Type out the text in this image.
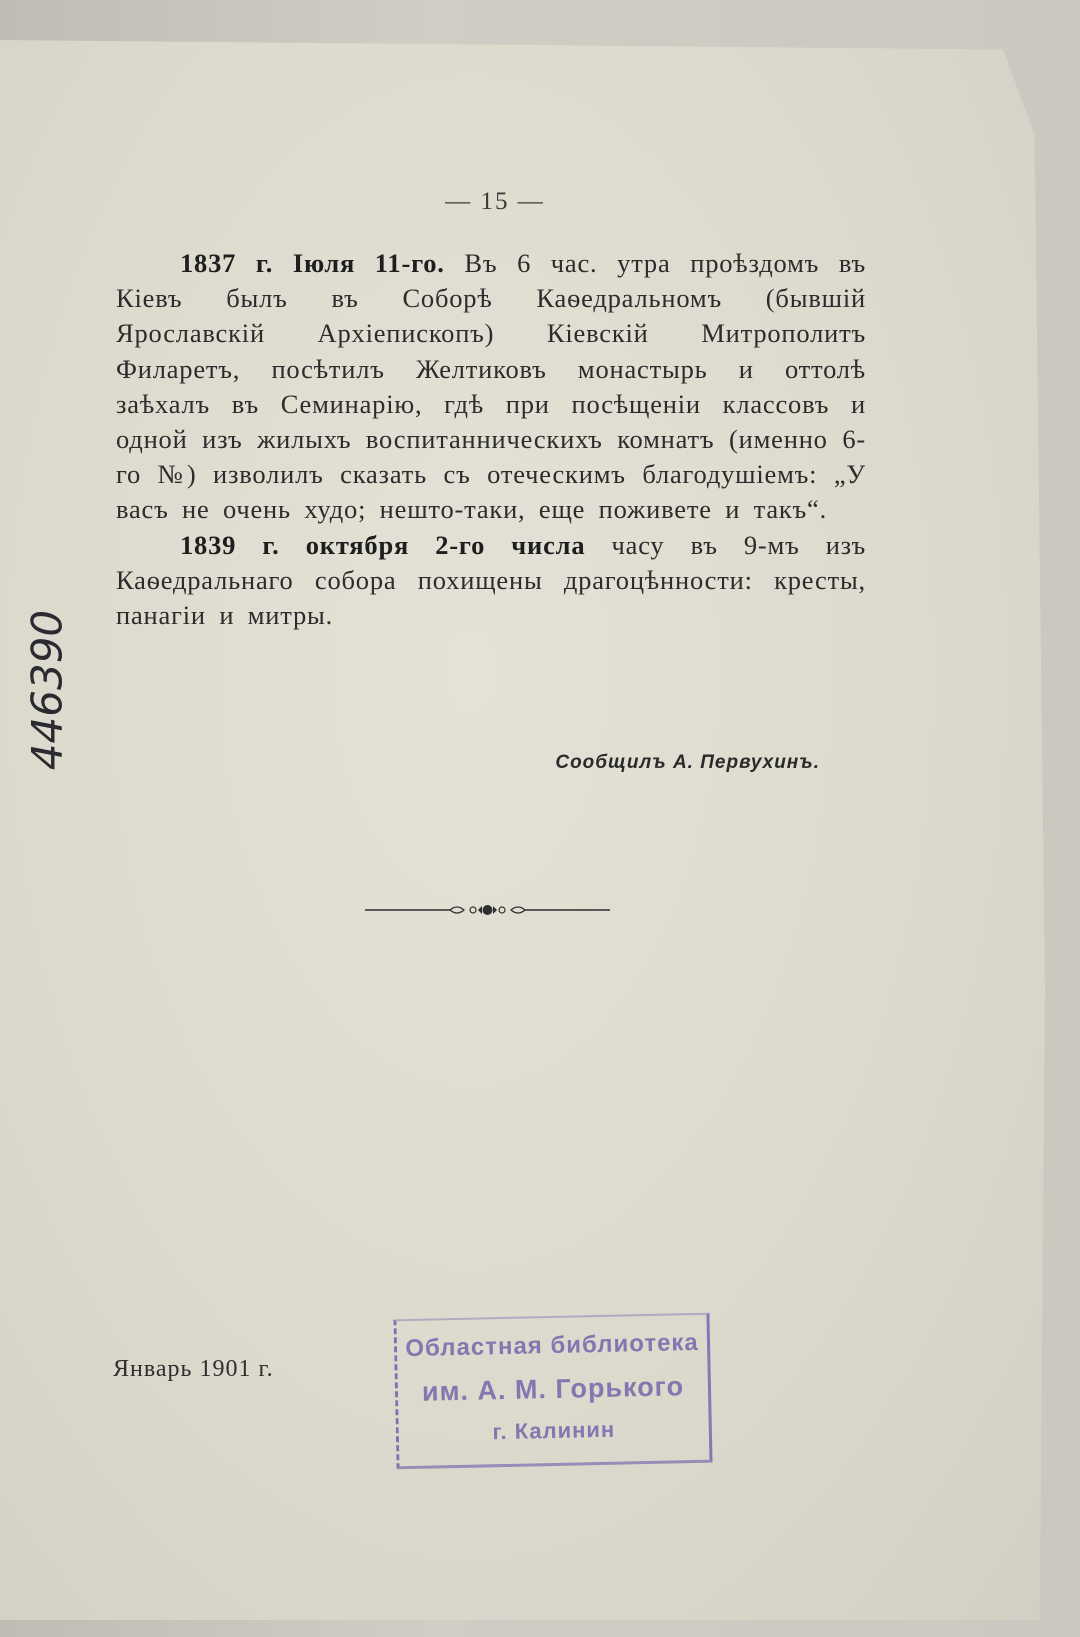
— 15 —

1837 г. Іюля 11-го. Въ 6 час. утра проѣздомъ въ Кіевъ былъ въ Соборѣ Каѳедральномъ (бывшій Ярославскій Архіепископъ) Кіевскій Митрополитъ Филаретъ, посѣтилъ Желтиковъ монастырь и оттолѣ заѣхалъ въ Семинарію, гдѣ при посѣщеніи классовъ и одной изъ жилыхъ воспитанническихъ комнатъ (именно 6-го №) изволилъ сказать съ отеческимъ благодушіемъ: „У васъ не очень худо; нешто-таки, еще поживете и такъ“.

1839 г. октября 2-го числа часу въ 9-мъ изъ Каѳедральнаго собора похищены драгоцѣнности: кресты, панагіи и митры.

Сообщилъ А. Первухинъ.
Январь 1901 г.
Областная библиотека
им. А. М. Горького
г. Калинин
446390
